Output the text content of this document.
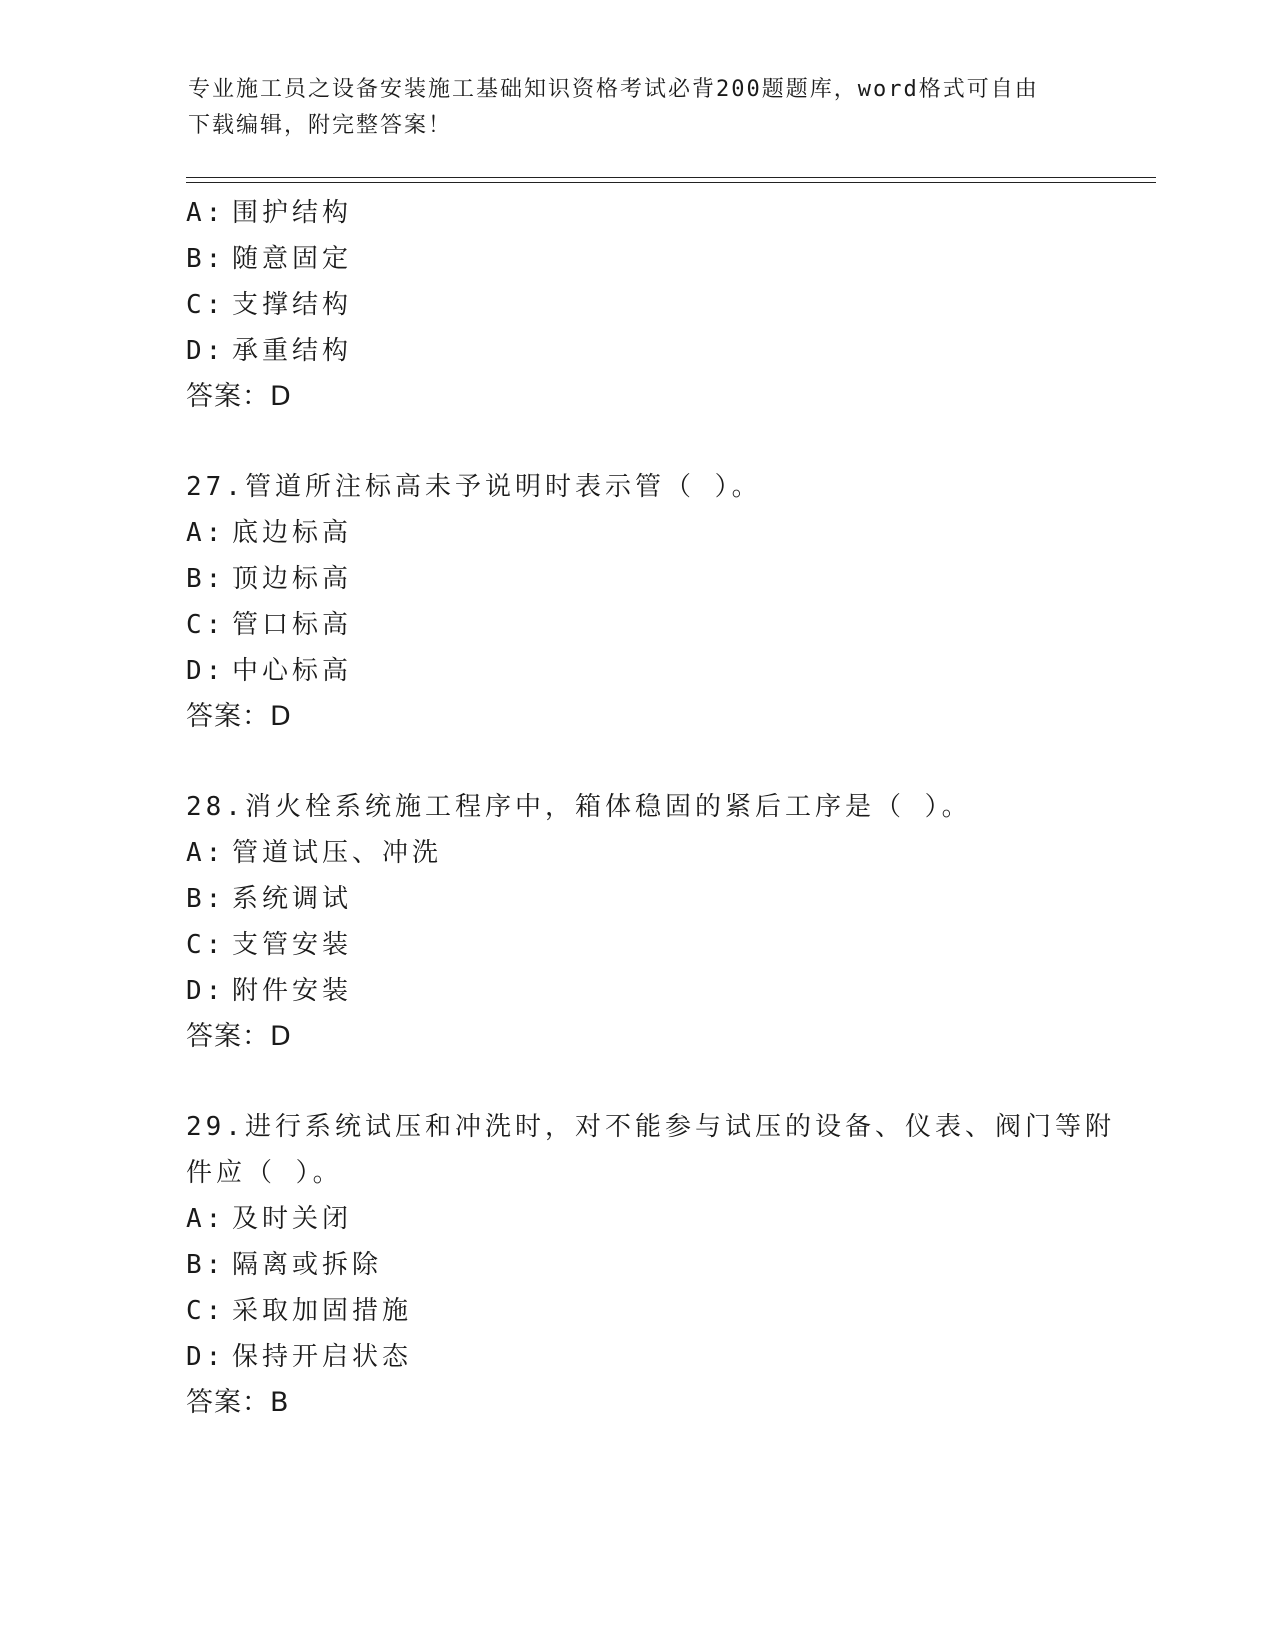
专业施工员之设备安装施工基础知识资格考试必背200题题库，word格式可自由
下载编辑，附完整答案！
A: 围护结构
B: 随意固定
C: 支撑结构
D: 承重结构
答案：D
27.管道所注标高未予说明时表示管（ ）。
A: 底边标高
B: 顶边标高
C: 管口标高
D: 中心标高
答案：D
28.消火栓系统施工程序中，箱体稳固的紧后工序是（ ）。
A: 管道试压、冲洗
B: 系统调试
C: 支管安装
D: 附件安装
答案：D
29.进行系统试压和冲洗时，对不能参与试压的设备、仪表、阀门等附
件应（ ）。
A: 及时关闭
B: 隔离或拆除
C: 采取加固措施
D: 保持开启状态
答案：B
